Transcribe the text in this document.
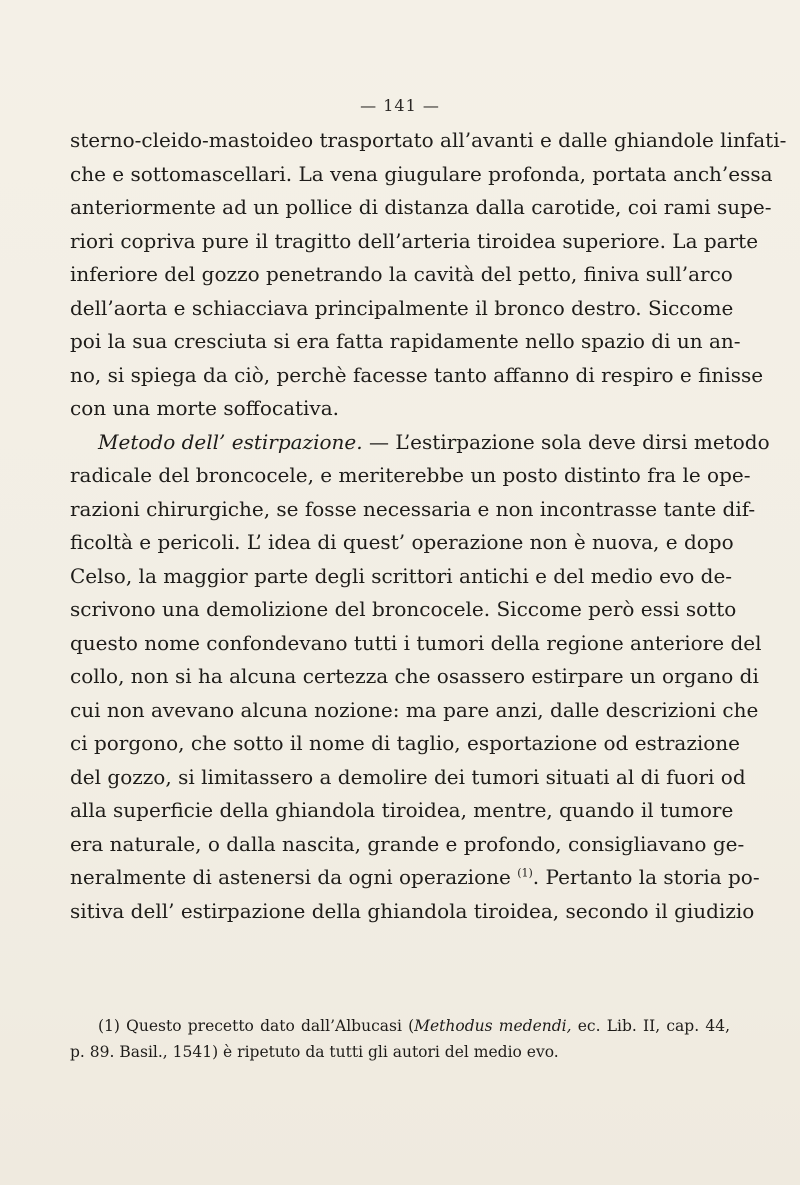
— 141 —
sterno-cleido-mastoideo trasportato all’avanti e dalle ghiandole linfati-
che e sottomascellari. La vena giugulare profonda, portata anch’essa
anteriormente ad un pollice di distanza dalla carotide, coi rami supe-
riori copriva pure il tragitto dell’arteria tiroidea superiore. La parte
inferiore del gozzo penetrando la cavità del petto, finiva sull’arco
dell’aorta e schiacciava principalmente il bronco destro. Siccome
poi la sua cresciuta si era fatta rapidamente nello spazio di un an-
no, si spiega da ciò, perchè facesse tanto affanno di respiro e finisse
con una morte soffocativa.
Metodo dell’ estirpazione. — L’estirpazione sola deve dirsi metodo
radicale del broncocele, e meriterebbe un posto distinto fra le ope-
razioni chirurgiche, se fosse necessaria e non incontrasse tante dif-
ficoltà e pericoli. L’ idea di quest’ operazione non è nuova, e dopo
Celso, la maggior parte degli scrittori antichi e del medio evo de-
scrivono una demolizione del broncocele. Siccome però essi sotto
questo nome confondevano tutti i tumori della regione anteriore del
collo, non si ha alcuna certezza che osassero estirpare un organo di
cui non avevano alcuna nozione: ma pare anzi, dalle descrizioni che
ci porgono, che sotto il nome di taglio, esportazione od estrazione
del gozzo, si limitassero a demolire dei tumori situati al di fuori od
alla superficie della ghiandola tiroidea, mentre, quando il tumore
era naturale, o dalla nascita, grande e profondo, consigliavano ge-
neralmente di astenersi da ogni operazione $^{(1)}$. Pertanto la storia po-
sitiva dell’ estirpazione della ghiandola tiroidea, secondo il giudizio
(1) Questo precetto dato dall’Albucasi (Methodus medendi, ec. Lib. II, cap. 44,
p. 89. Basil., 1541) è ripetuto da tutti gli autori del medio evo.
